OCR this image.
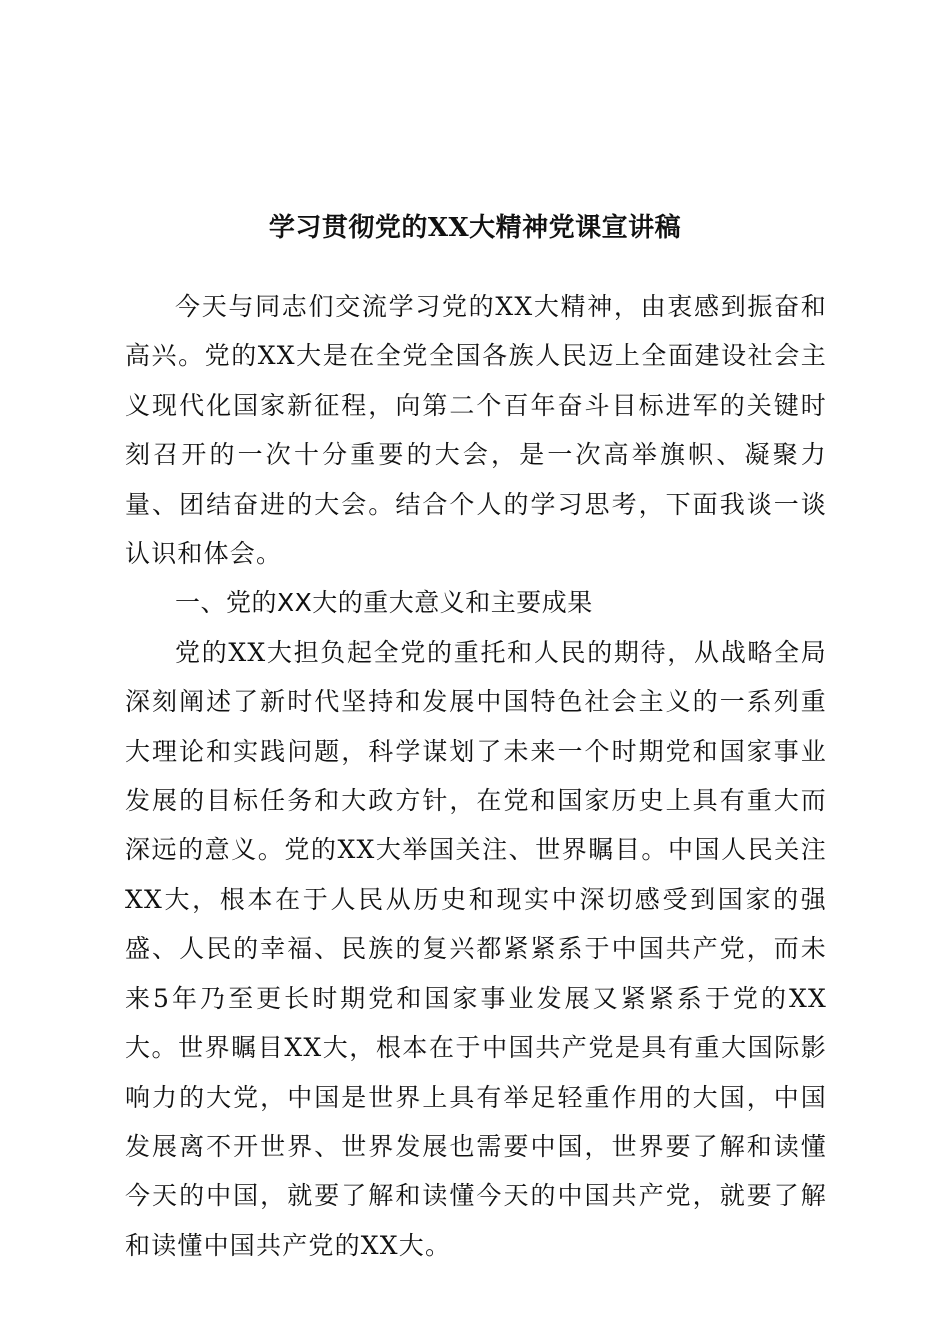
学习贯彻党的XX大精神党课宣讲稿

今天与同志们交流学习党的XX大精神，由衷感到振奋和高兴。党的XX大是在全党全国各族人民迈上全面建设社会主义现代化国家新征程，向第二个百年奋斗目标进军的关键时刻召开的一次十分重要的大会，是一次高举旗帜、凝聚力量、团结奋进的大会。结合个人的学习思考，下面我谈一谈认识和体会。

一、党的XX大的重大意义和主要成果

党的XX大担负起全党的重托和人民的期待，从战略全局深刻阐述了新时代坚持和发展中国特色社会主义的一系列重大理论和实践问题，科学谋划了未来一个时期党和国家事业发展的目标任务和大政方针，在党和国家历史上具有重大而深远的意义。党的XX大举国关注、世界瞩目。中国人民关注XX大，根本在于人民从历史和现实中深切感受到国家的强盛、人民的幸福、民族的复兴都紧紧系于中国共产党，而未来5年乃至更长时期党和国家事业发展又紧紧系于党的XX大。世界瞩目XX大，根本在于中国共产党是具有重大国际影响力的大党，中国是世界上具有举足轻重作用的大国，中国发展离不开世界、世界发展也需要中国，世界要了解和读懂今天的中国，就要了解和读懂今天的中国共产党，就要了解和读懂中国共产党的XX大。
